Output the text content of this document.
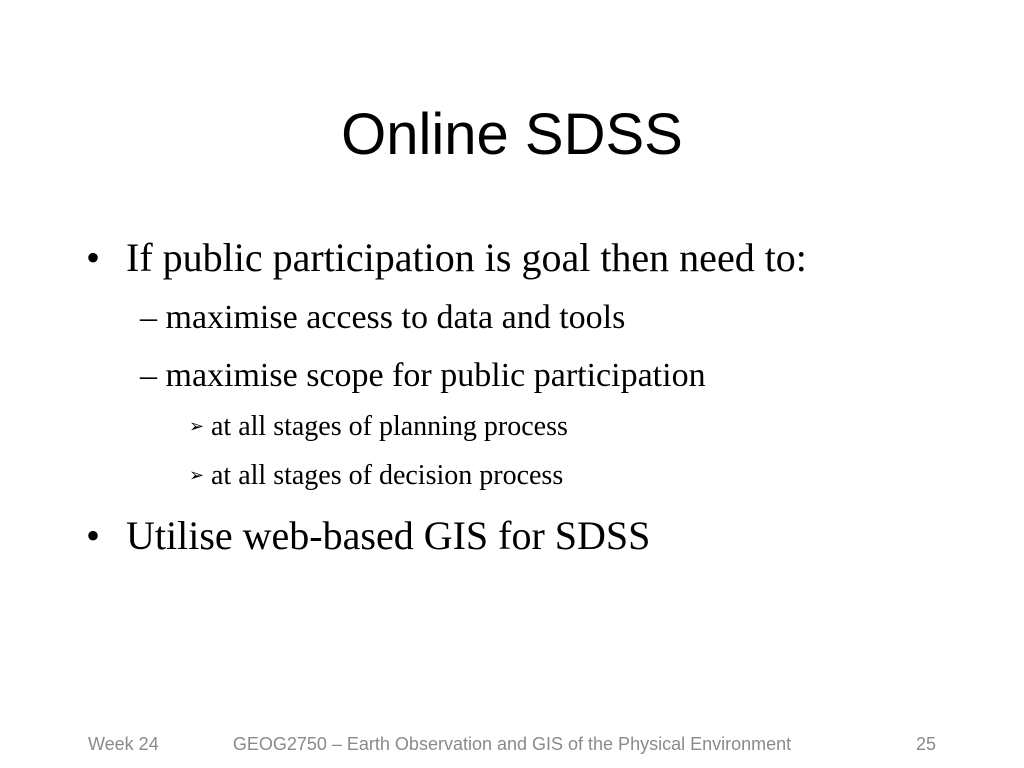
Online SDSS
• If public participation is goal then need to:
– maximise access to data and tools
– maximise scope for public participation
➢ at all stages of planning process
➢ at all stages of decision process
• Utilise web-based GIS for SDSS
Week 24	GEOG2750 – Earth Observation and GIS of the Physical Environment	25
